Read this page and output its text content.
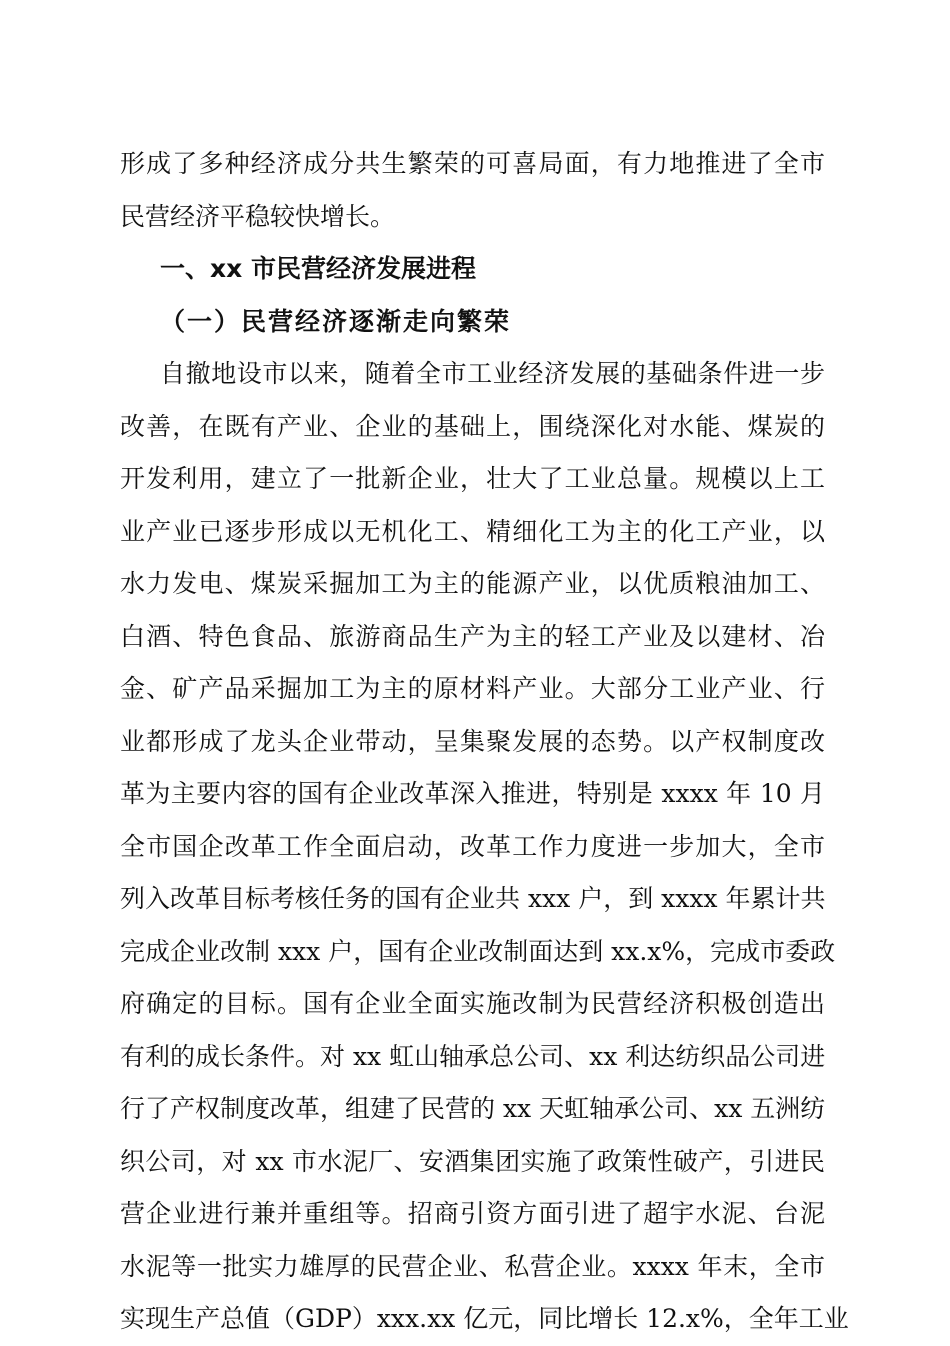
形成了多种经济成分共生繁荣的可喜局面，有力地推进了全市
民营经济平稳较快增长。
一、xx 市民营经济发展进程
（一）民营经济逐渐走向繁荣
自撤地设市以来，随着全市工业经济发展的基础条件进一步
改善，在既有产业、企业的基础上，围绕深化对水能、煤炭的
开发利用，建立了一批新企业，壮大了工业总量。规模以上工
业产业已逐步形成以无机化工、精细化工为主的化工产业，以
水力发电、煤炭采掘加工为主的能源产业，以优质粮油加工、
白酒、特色食品、旅游商品生产为主的轻工产业及以建材、冶
金、矿产品采掘加工为主的原材料产业。大部分工业产业、行
业都形成了龙头企业带动，呈集聚发展的态势。以产权制度改
革为主要内容的国有企业改革深入推进，特别是 xxxx 年 10 月
全市国企改革工作全面启动，改革工作力度进一步加大，全市
列入改革目标考核任务的国有企业共 xxx 户，到 xxxx 年累计共
完成企业改制 xxx 户，国有企业改制面达到 xx.x%，完成市委政
府确定的目标。国有企业全面实施改制为民营经济积极创造出
有利的成长条件。对 xx 虹山轴承总公司、xx 利达纺织品公司进
行了产权制度改革，组建了民营的 xx 天虹轴承公司、xx 五洲纺
织公司，对 xx 市水泥厂、安酒集团实施了政策性破产，引进民
营企业进行兼并重组等。招商引资方面引进了超宇水泥、台泥
水泥等一批实力雄厚的民营企业、私营企业。xxxx 年末，全市
实现生产总值（GDP）xxx.xx 亿元，同比增长 12.x%，全年工业
